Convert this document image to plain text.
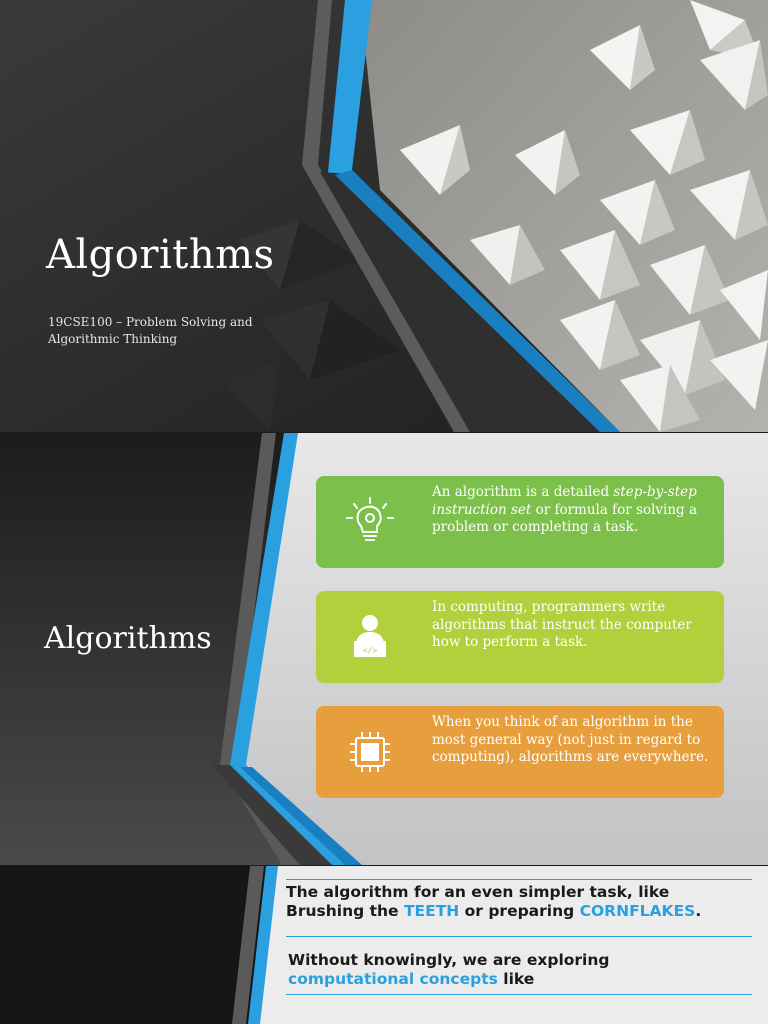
Algorithms
19CSE100 – Problem Solving and Algorithmic Thinking
Algorithms
An algorithm is a detailed step-by-step instruction set or formula for solving a problem or completing a task.
</>
In computing, programmers write algorithms that instruct the computer how to perform a task.
When you think of an algorithm in the most general way (not just in regard to computing), algorithms are everywhere.
The algorithm for an even simpler task, like
Brushing the TEETH or preparing CORNFLAKES.
Without knowingly, we are exploring
computational concepts like
